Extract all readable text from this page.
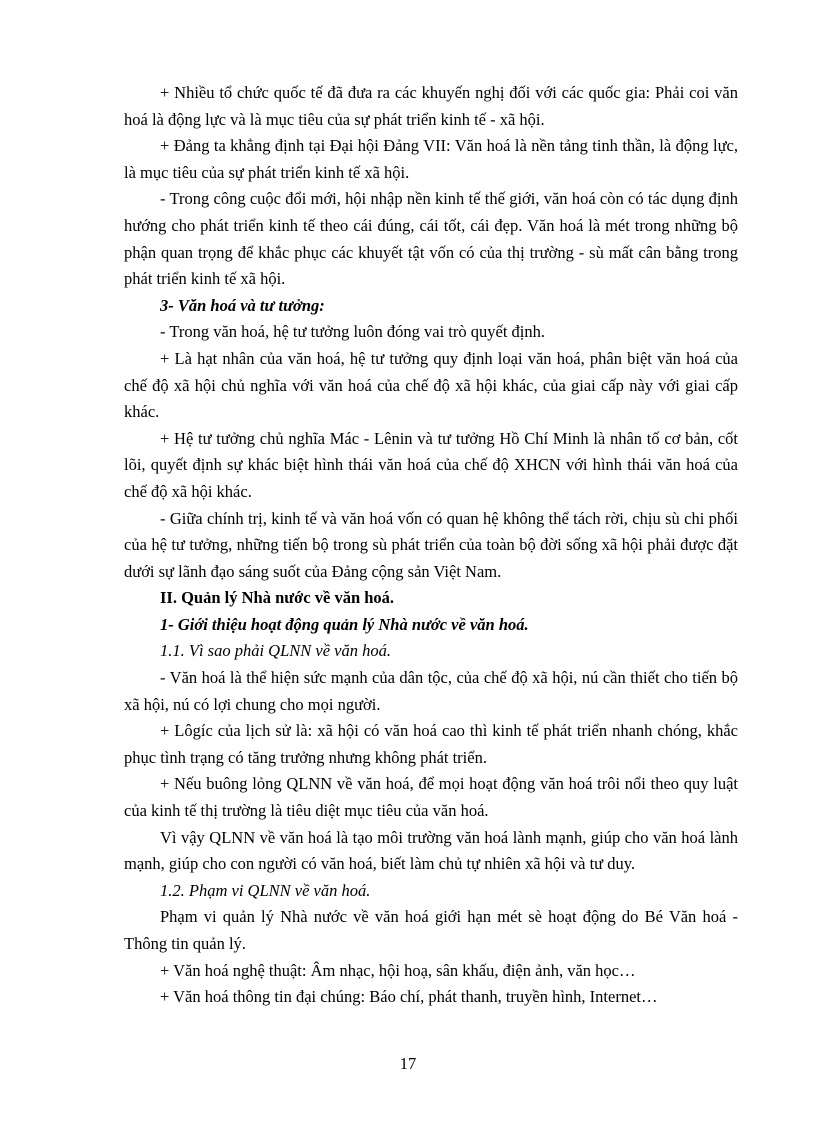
+ Nhiều tổ chức quốc tế đã đưa ra các khuyến nghị đối với các quốc gia: Phải coi văn hoá là động lực và là mục tiêu của sự phát triển kinh tế - xã hội.

+ Đảng ta khẳng định tại Đại hội Đảng VII: Văn hoá là nền tảng tinh thần, là động lực, là mục tiêu của sự phát triển kinh tế xã hội.

- Trong công cuộc đổi mới, hội nhập nền kinh tế thế giới, văn hoá còn có tác dụng định hướng cho phát triển kinh tế theo cái đúng, cái tốt, cái đẹp. Văn hoá là mét trong những bộ phận quan trọng để khắc phục các khuyết tật vốn có của thị trường - sù mất cân bằng trong phát triển kinh tế xã hội.

3- Văn hoá và tư tưởng:

- Trong văn hoá, hệ tư tưởng luôn đóng vai trò quyết định.

+ Là hạt nhân của văn hoá, hệ tư tưởng quy định loại văn hoá, phân biệt văn hoá của chế độ xã hội chủ nghĩa với văn hoá của chế độ xã hội khác, của giai cấp này với giai cấp khác.

+ Hệ tư tưởng chủ nghĩa Mác - Lênin và tư tưởng Hồ Chí Minh là nhân tố cơ bản, cốt lõi, quyết định sự khác biệt hình thái văn hoá của chế độ XHCN với hình thái văn hoá của chế độ xã hội khác.

- Giữa chính trị, kinh tế và văn hoá vốn có quan hệ không thể tách rời, chịu sù chi phối của hệ tư tưởng, những tiến bộ trong sù phát triển của toàn bộ đời sống xã hội phải được đặt dưới sự lãnh đạo sáng suốt của Đảng cộng sản Việt Nam.

II. Quản lý Nhà nước về văn hoá.

1- Giới thiệu hoạt động quản lý Nhà nước về văn hoá.

1.1. Vì sao phải QLNN về văn hoá.

- Văn hoá là thể hiện sức mạnh của dân tộc, của chế độ xã hội, nú cần thiết cho tiến bộ xã hội, nú có lợi chung cho mọi người.

+ Lôgíc của lịch sử là: xã hội có văn hoá cao thì kinh tế phát triển nhanh chóng, khắc phục tình trạng có tăng trưởng nhưng không phát triển.

+ Nếu buông lỏng QLNN về văn hoá, để mọi hoạt động văn hoá trôi nổi theo quy luật của kinh tế thị trường là tiêu diệt mục tiêu của văn hoá.

Vì vậy QLNN về văn hoá là tạo môi trường văn hoá lành mạnh, giúp cho văn hoá lành mạnh, giúp cho con người có văn hoá, biết làm chủ tự nhiên xã hội và tư duy.

1.2. Phạm vi QLNN về văn hoá.

Phạm vi quản lý Nhà nước về văn hoá giới hạn mét sè hoạt động do Bé Văn hoá - Thông tin quản lý.

+ Văn hoá nghệ thuật: Âm nhạc, hội hoạ, sân khấu, điện ảnh, văn học…

+ Văn hoá thông tin đại chúng: Báo chí, phát thanh, truyền hình, Internet…

17
